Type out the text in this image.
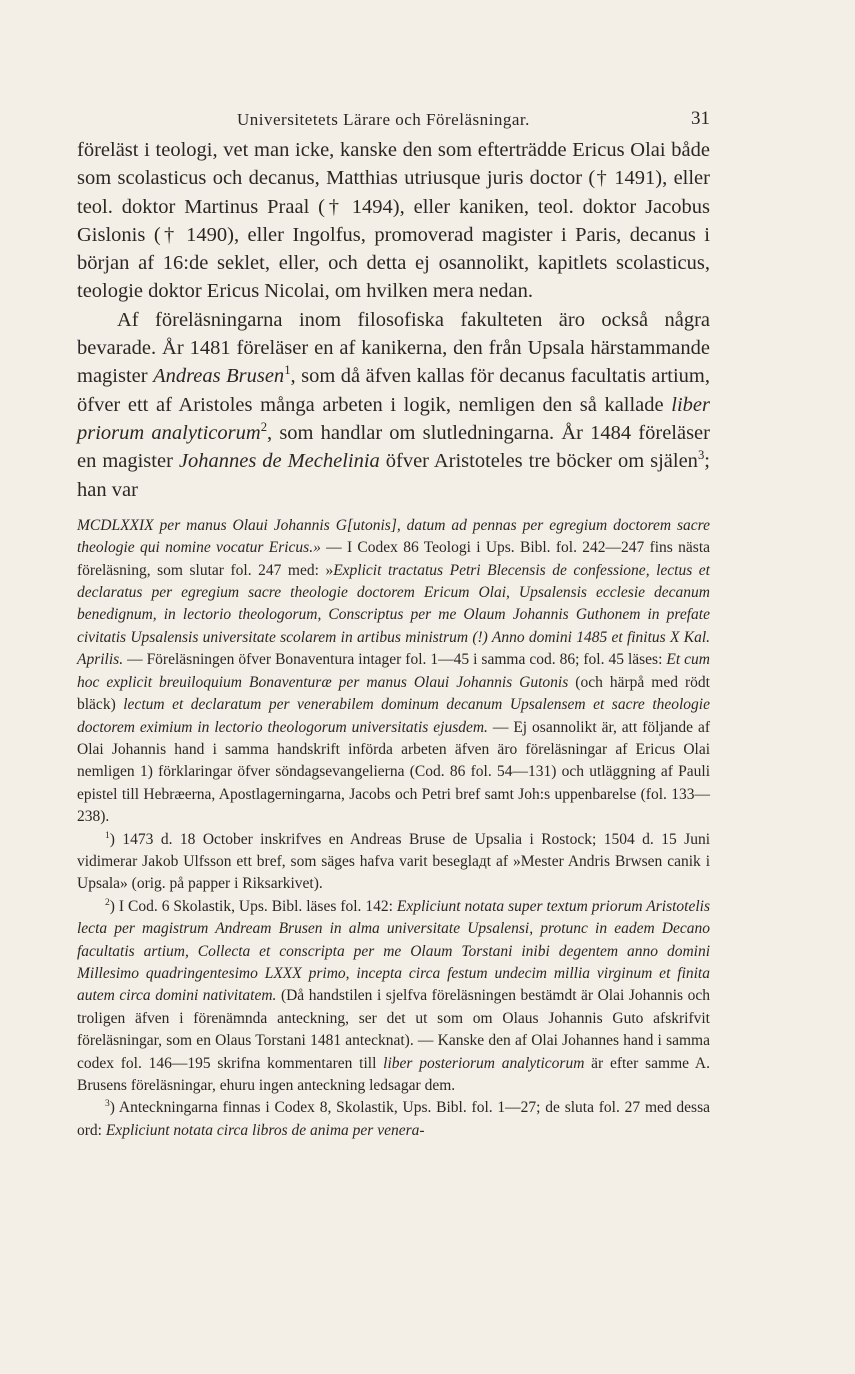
Universitetets Lärare och Föreläsningar.	31

föreläst i teologi, vet man icke, kanske den som efterträdde Ericus Olai både som scolasticus och decanus, Matthias utriusque juris doctor († 1491), eller teol. doktor Martinus Praal († 1494), eller kaniken, teol. doktor Jacobus Gislonis († 1490), eller Ingolfus, promoverad magister i Paris, decanus i början af 16:de seklet, eller, och detta ej osannolikt, kapitlets scolasticus, teologie doktor Ericus Nicolai, om hvilken mera nedan.

Af föreläsningarna inom filosofiska fakulteten äro också några bevarade. År 1481 föreläser en af kanikerna, den från Upsala härstammande magister Andreas Brusen$^1$, som då äfven kallas för decanus facultatis artium, öfver ett af Aristoles många arbeten i logik, nemligen den så kallade liber priorum analyticorum$^2$, som handlar om slutledningarna. År 1484 föreläser en magister Johannes de Mechelinia öfver Aristoteles tre böcker om själen$^3$; han var

MCDLXXIX per manus Olaui Johannis G[utonis], datum ad pennas per egregium doctorem sacre theologie qui nomine vocatur Ericus.» — I Codex 86 Teologi i Ups. Bibl. fol. 242—247 fins nästa föreläsning, som slutar fol. 247 med: »Explicit tractatus Petri Blecensis de confessione, lectus et declaratus per egregium sacre theologie doctorem Ericum Olai, Upsalensis ecclesie decanum benedignum, in lectorio theologorum, Conscriptus per me Olaum Johannis Guthonem in prefate civitatis Upsalensis universitate scolarem in artibus ministrum (!) Anno domini 1485 et finitus X Kal. Aprilis. — Föreläsningen öfver Bonaventura intager fol. 1—45 i samma cod. 86; fol. 45 läses: Et cum hoc explicit breuiloquium Bonaventuræ per manus Olaui Johannis Gutonis (och härpå med rödt bläck) lectum et declaratum per venerabilem dominum decanum Upsalensem et sacre theologie doctorem eximium in lectorio theologorum universitatis ejusdem. — Ej osannolikt är, att följande af Olai Johannis hand i samma handskrift införda arbeten äfven äro föreläsningar af Ericus Olai nemligen 1) förklaringar öfver söndagsevangelierna (Cod. 86 fol. 54—131) och utläggning af Pauli epistel till Hebræerna, Apostlagerningarna, Jacobs och Petri bref samt Joh:s uppenbarelse (fol. 133—238).

$^1$) 1473 d. 18 October inskrifves en Andreas Bruse de Upsalia i Rostock; 1504 d. 15 Juni vidimerar Jakob Ulfsson ett bref, som säges hafva varit beseglадt af »Mester Andris Brwsen canik i Upsala» (orig. på papper i Riksarkivet).

$^2$) I Cod. 6 Skolastik, Ups. Bibl. läses fol. 142: Expliciunt notata super textum priorum Aristotelis lecta per magistrum Andream Brusen in alma universitate Upsalensi, protunc in eadem Decano facultatis artium, Collecta et conscripta per me Olaum Torstani inibi degentem anno domini Millesimo quadringentesimo LXXX primo, incepta circa festum undecim millia virginum et finita autem circa domini nativitatem. (Då handstilen i sjelfva föreläsningen bestämdt är Olai Johannis och troligen äfven i förenämnda anteckning, ser det ut som om Olaus Johannis Guto afskrifvit föreläsningar, som en Olaus Torstani 1481 antecknat). — Kanske den af Olai Johannes hand i samma codex fol. 146—195 skrifna kommentaren till liber posteriorum analyticorum är efter samme A. Brusens föreläsningar, ehuru ingen anteckning ledsagar dem.

$^3$) Anteckningarna finnas i Codex 8, Skolastik, Ups. Bibl. fol. 1—27; de sluta fol. 27 med dessa ord: Expliciunt notata circa libros de anima per venera-
